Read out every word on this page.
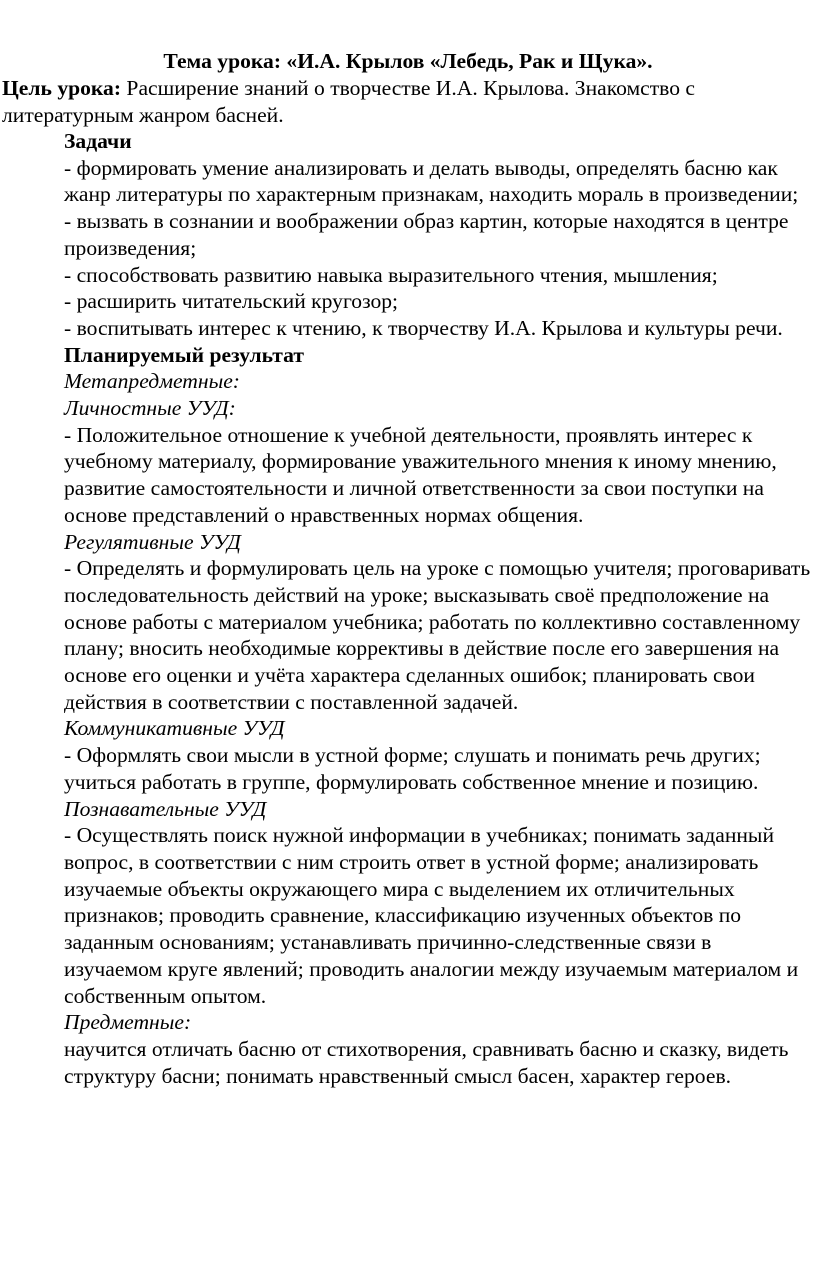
Тема урока: «И.А. Крылов «Лебедь, Рак и Щука».

Цель урока: Расширение знаний о творчестве И.А. Крылова. Знакомство с литературным жанром басней.

Задачи

- формировать умение анализировать и делать выводы, определять басню как жанр литературы по характерным признакам, находить мораль в произведении;

- вызвать в сознании и воображении образ картин, которые находятся в центре произведения;

- способствовать развитию навыка выразительного чтения, мышления;

- расширить читательский кругозор;

- воспитывать интерес к чтению, к творчеству И.А. Крылова и культуры речи.

Планируемый результат

Метапредметные:

Личностные УУД:

- Положительное отношение к учебной деятельности, проявлять интерес к учебному материалу, формирование уважительного мнения к иному мнению, развитие самостоятельности и личной ответственности за свои поступки на основе представлений о нравственных нормах общения.

Регулятивные УУД

- Определять и формулировать цель на уроке с помощью учителя; проговаривать последовательность действий на уроке; высказывать своё предположение на основе работы с материалом учебника; работать по коллективно составленному плану; вносить необходимые коррективы в действие после его завершения на основе его оценки и учёта характера сделанных ошибок; планировать свои действия в соответствии с поставленной задачей.

Коммуникативные УУД

- Оформлять свои мысли в устной форме; слушать и понимать речь других; учиться работать в группе, формулировать собственное мнение и позицию.

Познавательные УУД

- Осуществлять поиск нужной информации в учебниках; понимать заданный вопрос, в соответствии с ним строить ответ в устной форме; анализировать изучаемые объекты окружающего мира с выделением их отличительных признаков; проводить сравнение, классификацию изученных объектов по заданным основаниям; устанавливать причинно-следственные связи в изучаемом круге явлений; проводить аналогии между изучаемым материалом и собственным опытом.

Предметные:

научится отличать басню от стихотворения, сравнивать басню и сказку, видеть структуру басни; понимать нравственный смысл басен, характер героев.
